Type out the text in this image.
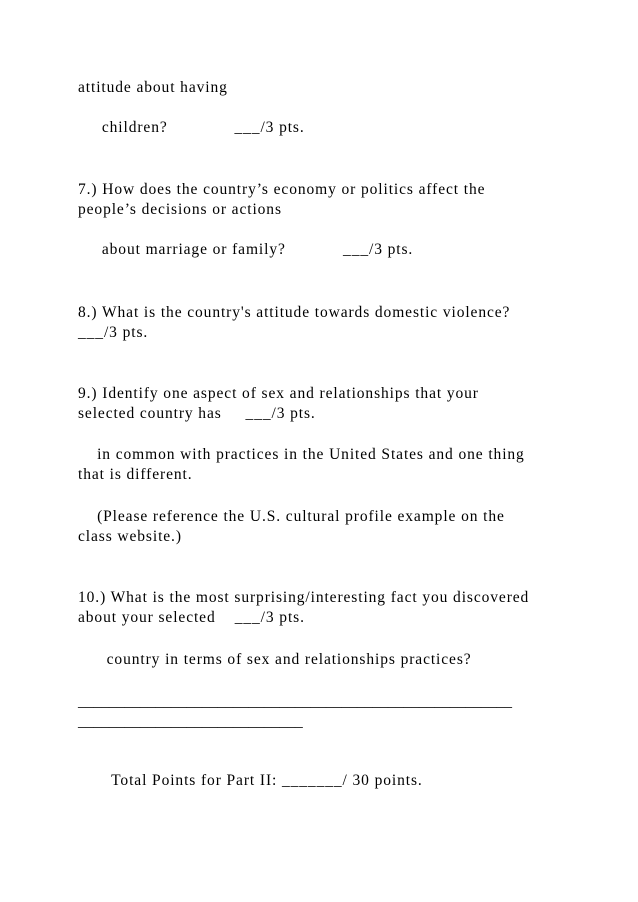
attitude about having
children?              ___/3 pts.
7.) How does the country’s economy or politics affect the
people’s decisions or actions
about marriage or family?            ___/3 pts.
8.) What is the country's attitude towards domestic violence?
___/3 pts.
9.) Identify one aspect of sex and relationships that your
selected country has     ___/3 pts.
in common with practices in the United States and one thing
that is different.
(Please reference the U.S. cultural profile example on the
class website.)
10.) What is the most surprising/interesting fact you discovered
about your selected    ___/3 pts.
country in terms of sex and relationships practices?
________________________________________________________
_____________________________
Total Points for Part II: _______/ 30 points.
